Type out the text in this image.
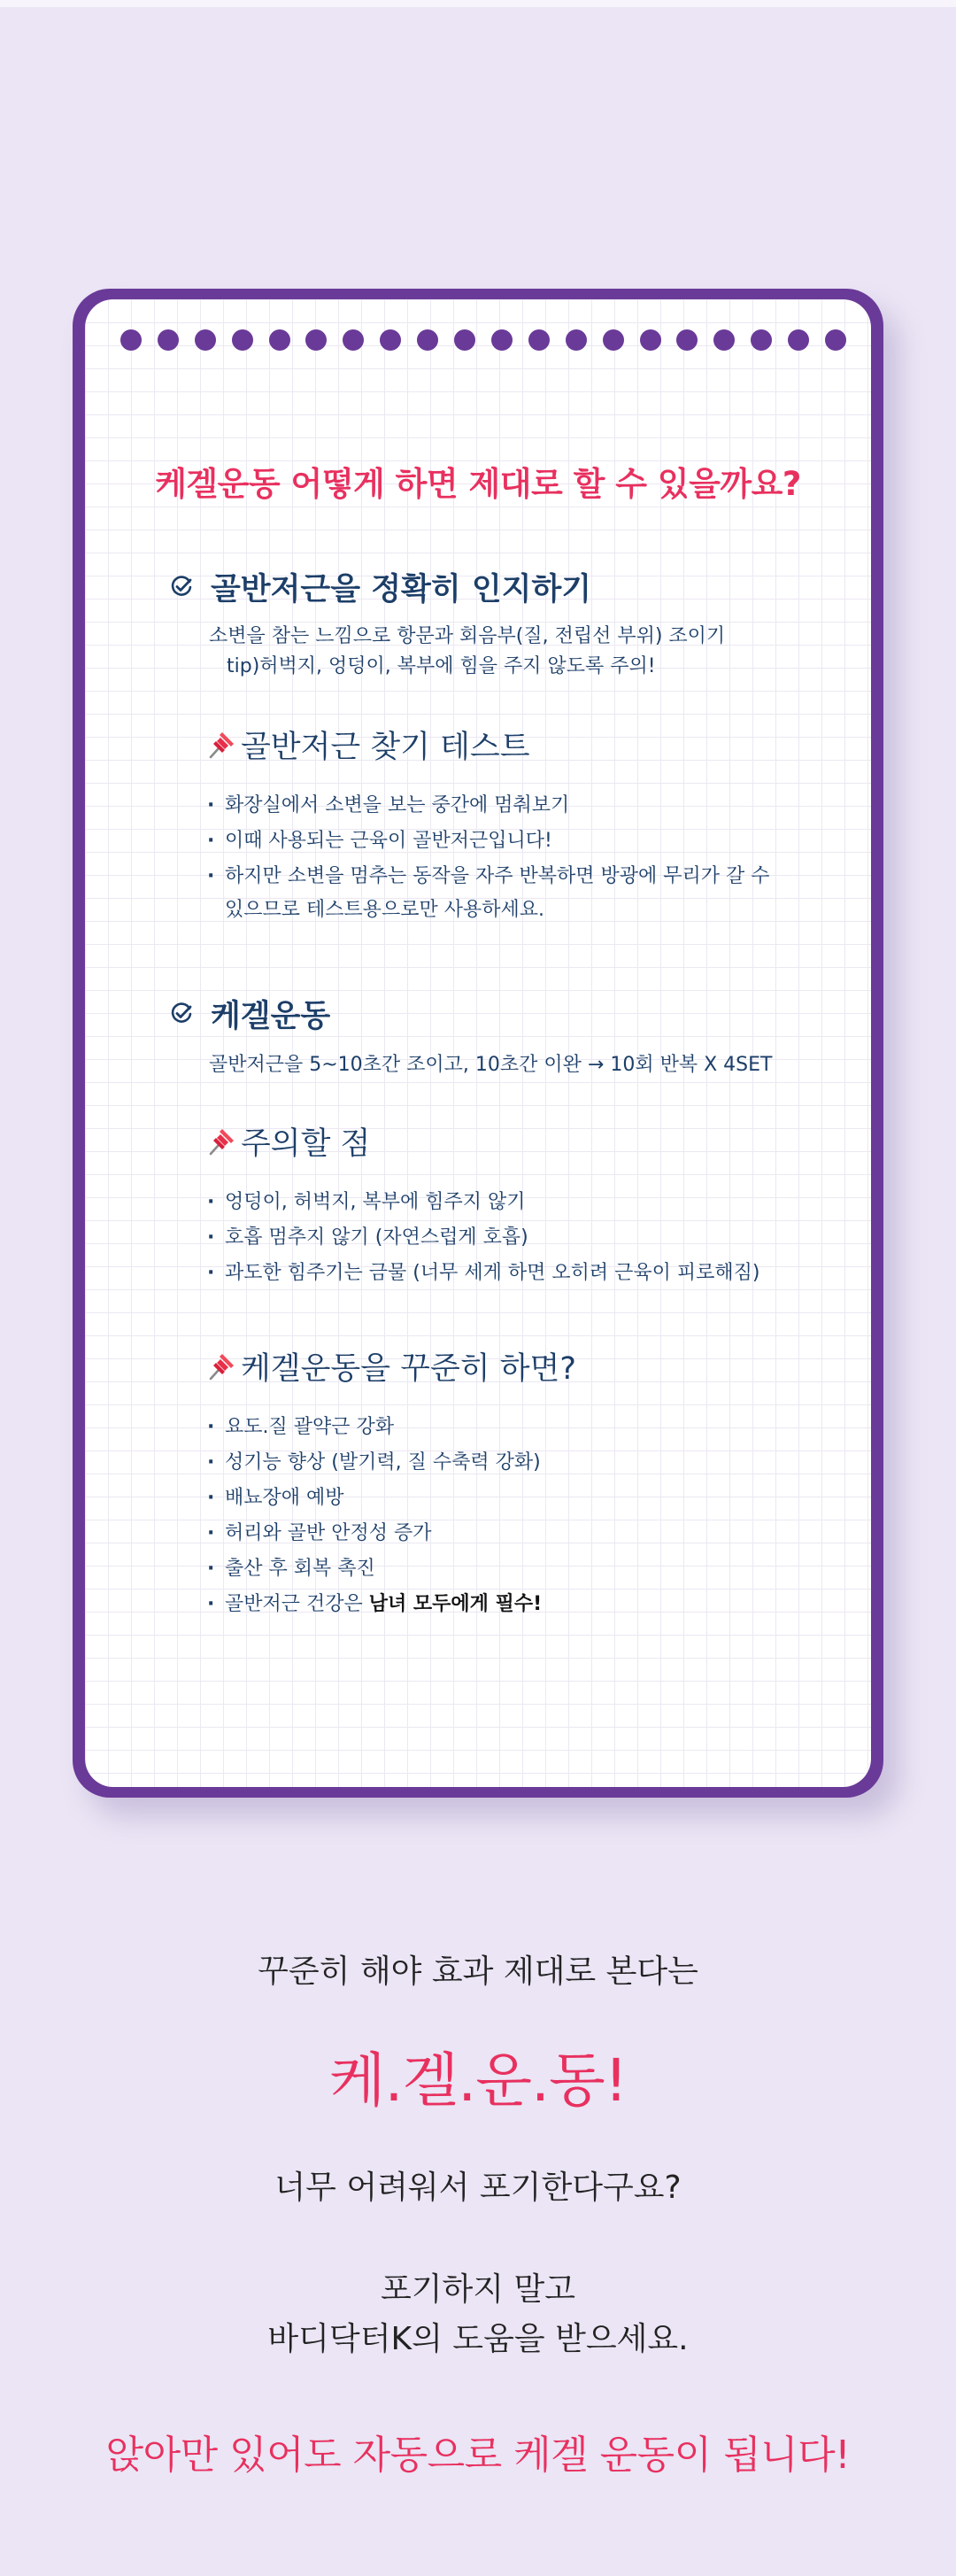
케겔운동 어떻게 하면 제대로 할 수 있을까요?
골반저근을 정확히 인지하기
소변을 참는 느낌으로 항문과 회음부(질, 전립선 부위) 조이기
tip)허벅지, 엉덩이, 복부에 힘을 주지 않도록 주의!
골반저근 찾기 테스트
· 화장실에서 소변을 보는 중간에 멈춰보기
· 이때 사용되는 근육이 골반저근입니다!
· 하지만 소변을 멈추는 동작을 자주 반복하면 방광에 무리가 갈 수
있으므로 테스트용으로만 사용하세요.
케겔운동
골반저근을 5~10초간 조이고, 10초간 이완 → 10회 반복 X 4SET
주의할 점
· 엉덩이, 허벅지, 복부에 힘주지 않기
· 호흡 멈추지 않기 (자연스럽게 호흡)
· 과도한 힘주기는 금물 (너무 세게 하면 오히려 근육이 피로해짐)
케겔운동을 꾸준히 하면?
· 요도.질 괄약근 강화
· 성기능 향상 (발기력, 질 수축력 강화)
· 배뇨장애 예방
· 허리와 골반 안정성 증가
· 출산 후 회복 촉진
· 골반저근 건강은 남녀 모두에게 필수!
꾸준히 해야 효과 제대로 본다는
케.겔.운.동!
너무 어려워서 포기한다구요?
포기하지 말고
바디닥터K의 도움을 받으세요.
앉아만 있어도 자동으로 케겔 운동이 됩니다!
